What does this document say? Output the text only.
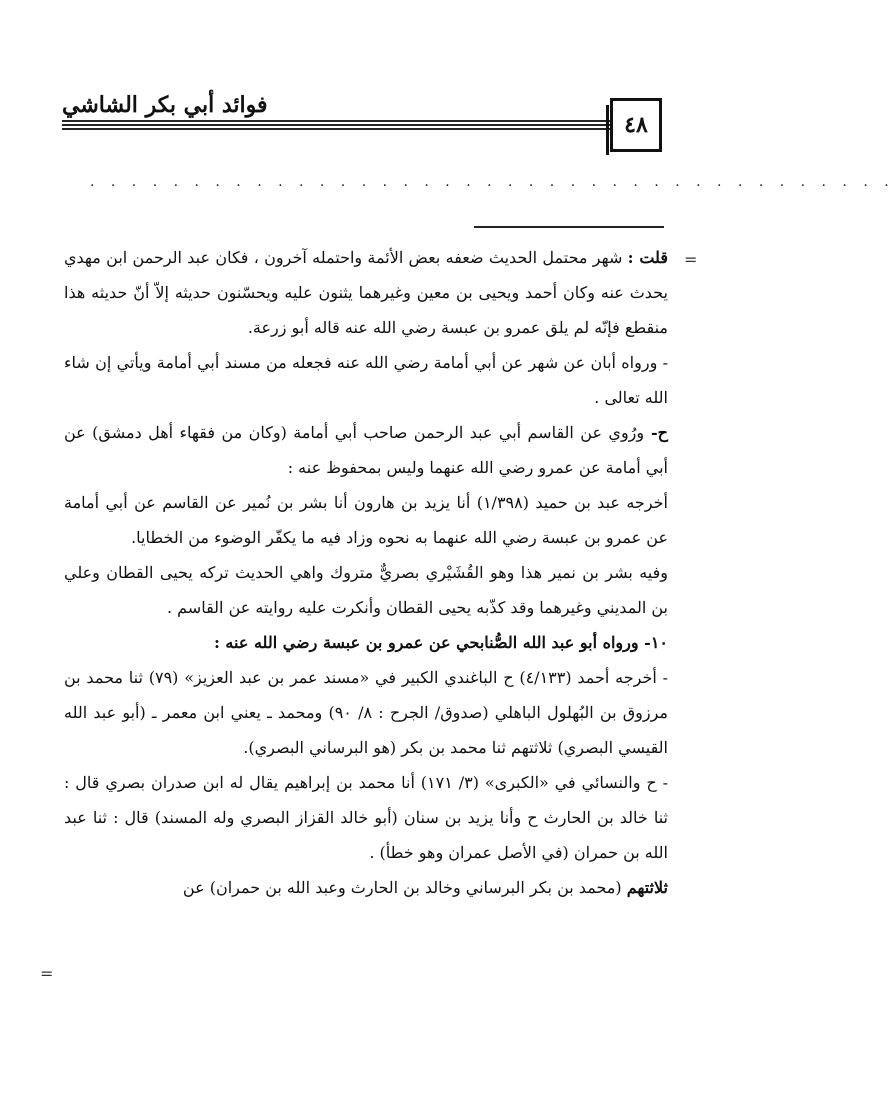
فوائد أبي بكر الشاشي
٤٨
. . . . . . . . . . . . . . . . . . . . . . . . . . . . . . . . . . . . . . .
=
=

قلت : شهر محتمل الحديث ضعفه بعض الأئمة واحتمله آخرون ، فكان عبد الرحمن ابن مهدي يحدث عنه وكان أحمد ويحيى بن معين وغيرهما يثنون عليه ويحسّنون حديثه إلاّ أنّ حديثه هذا منقطع فإنّه لم يلق عمرو بن عبسة رضي الله عنه قاله أبو زرعة.

- ورواه أبان عن شهر عن أبي أمامة رضي الله عنه فجعله من مسند أبي أمامة ويأتي إن شاء الله تعالى .

ح- ورُوي عن القاسم أبي عبد الرحمن صاحب أبي أمامة (وكان من فقهاء أهل دمشق) عن أبي أمامة عن عمرو رضي الله عنهما وليس بمحفوظ عنه :

أخرجه عبد بن حميد (١/٣٩٨) أنا يزيد بن هارون أنا بشر بن نُمير عن القاسم عن أبي أمامة عن عمرو بن عبسة رضي الله عنهما به نحوه وزاد فيه ما يكفّر الوضوء من الخطايا.

وفيه بشر بن نمير هذا وهو القُشَيْري بصريٌّ متروك واهي الحديث تركه يحيى القطان وعلي بن المديني وغيرهما وقد كذّبه يحيى القطان وأنكرت عليه روايته عن القاسم .

١٠- ورواه أبو عبد الله الصُّنابحي عن عمرو بن عبسة رضي الله عنه :

- أخرجه أحمد (٤/١٣٣) ح الباغندي الكبير في «مسند عمر بن عبد العزيز» (٧٩) ثنا محمد بن مرزوق بن البُهلول الباهلي (صدوق/ الجرح : ٨/ ٩٠) ومحمد ـ يعني ابن معمر ـ (أبو عبد الله القيسي البصري) ثلاثتهم ثنا محمد بن بكر (هو البرساني البصري).

- ح والنسائي في «الكبرى» (٣/ ١٧١) أنا محمد بن إبراهيم يقال له ابن صدران بصري قال : ثنا خالد بن الحارث ح وأنا يزيد بن سنان (أبو خالد القزاز البصري وله المسند) قال : ثنا عبد الله بن حمران (في الأصل عمران وهو خطأ) .

ثلاثتهم (محمد بن بكر البرساني وخالد بن الحارث وعبد الله بن حمران) عن
